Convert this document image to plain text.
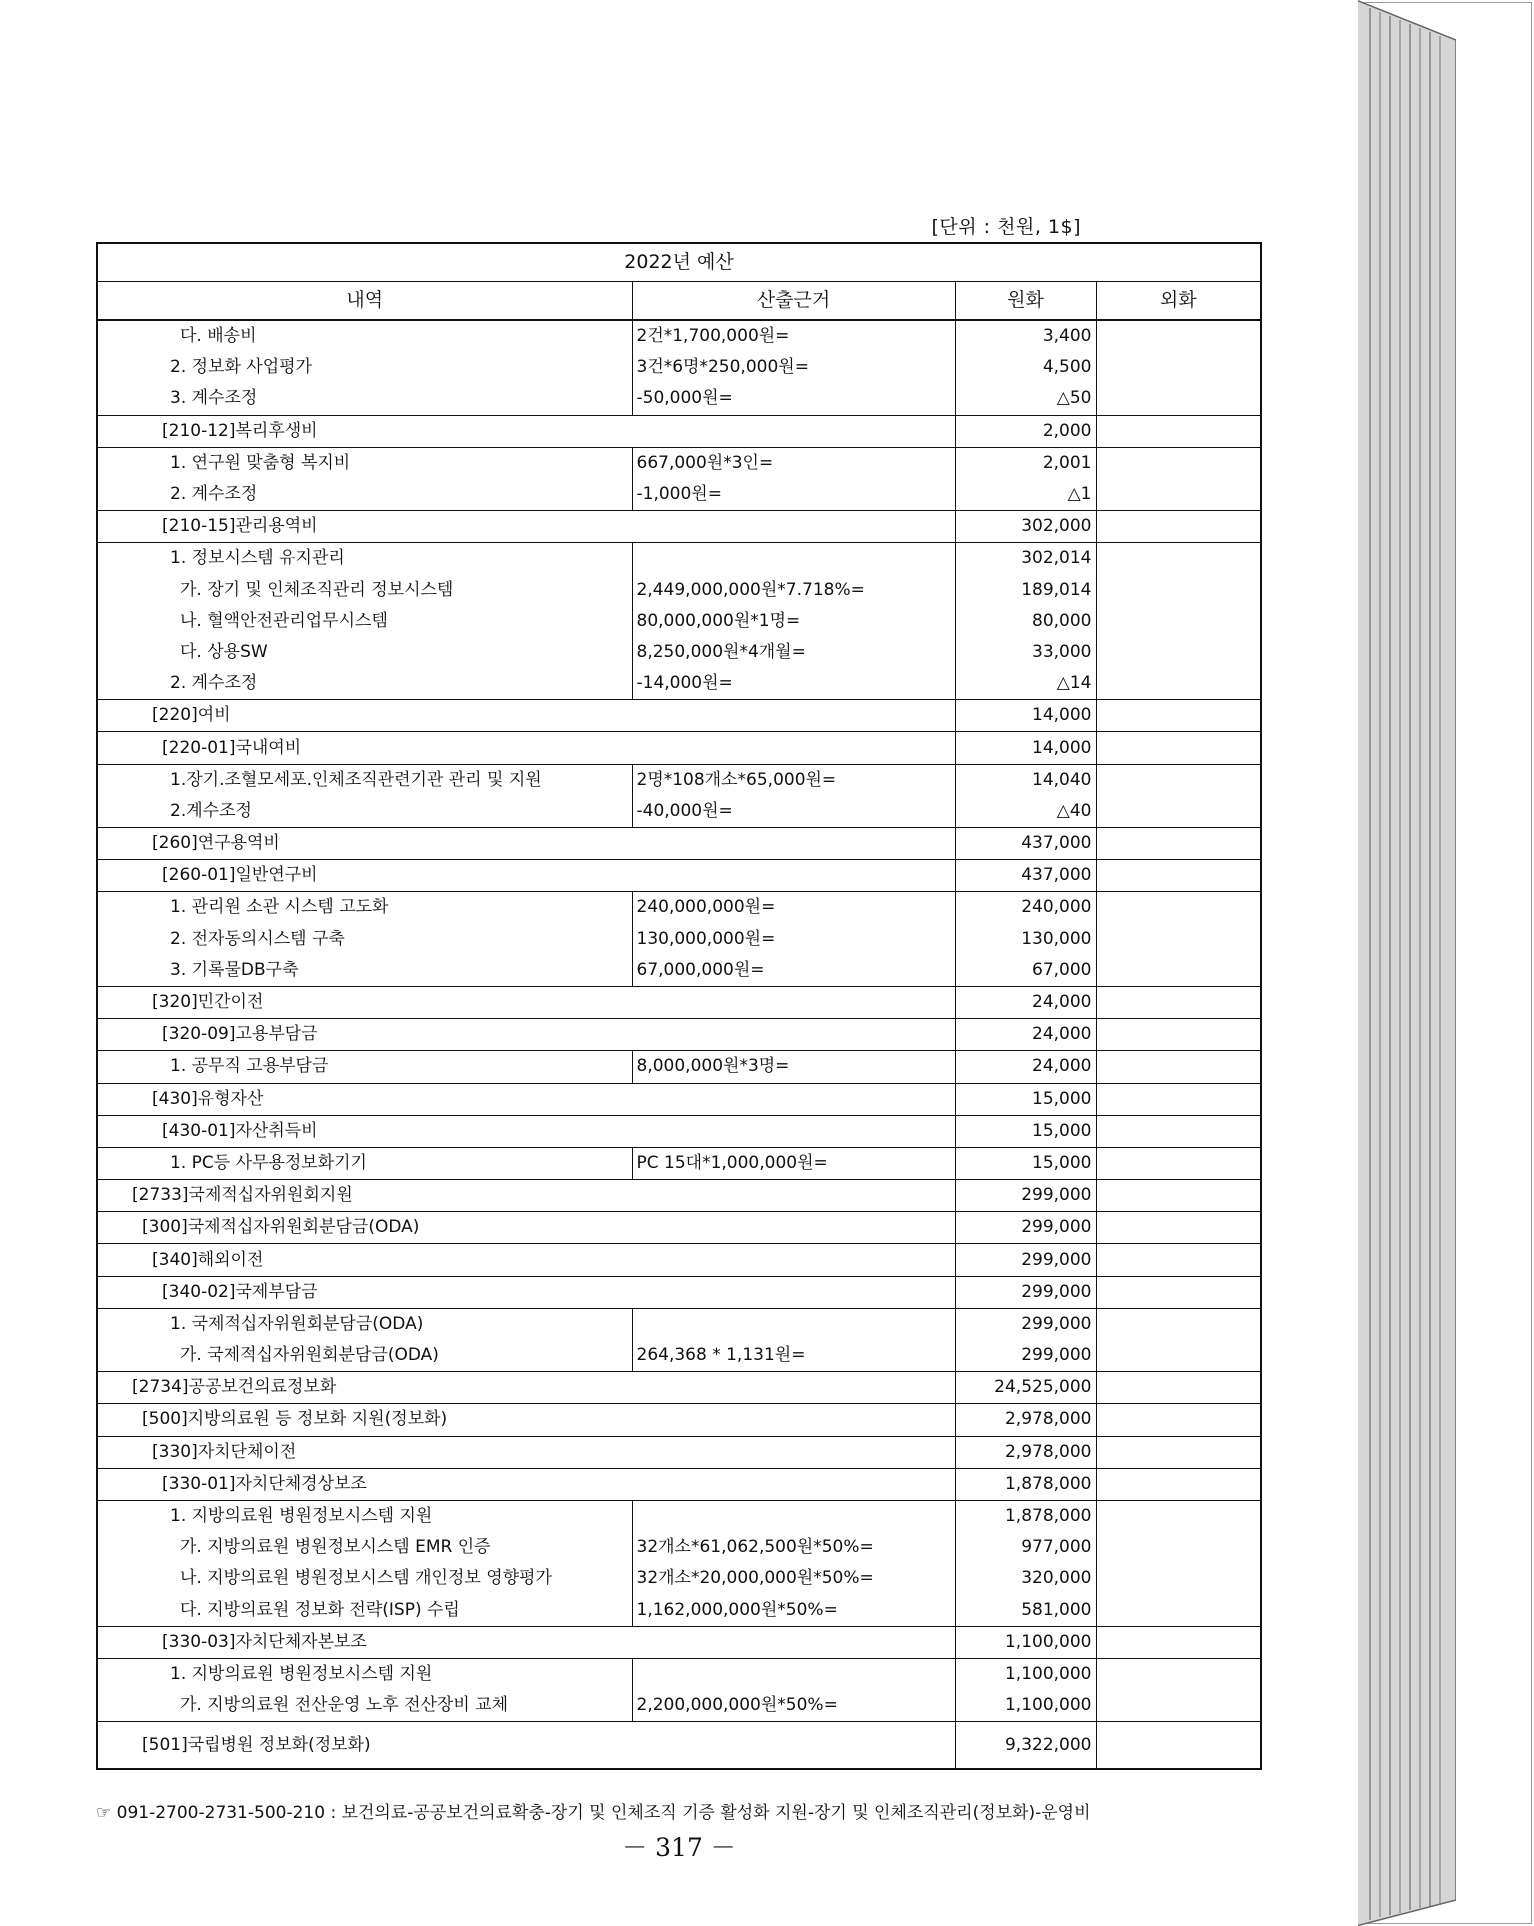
[단위 : 천원, 1$]
2022년 예산			
내역	산출근거	원화	외화
다. 배송비	2건*1,700,000원=	3,400	
2. 정보화 사업평가	3건*6명*250,000원=	4,500	
3. 계수조정	-50,000원=	△50	
[210-12]복리후생비		2,000	
1. 연구원 맞춤형 복지비	667,000원*3인=	2,001	
2. 계수조정	-1,000원=	△1	
[210-15]관리용역비		302,000	
1. 정보시스템 유지관리		302,014	
가. 장기 및 인체조직관리 정보시스템	2,449,000,000원*7.718%=	189,014	
나. 혈액안전관리업무시스템	80,000,000원*1명=	80,000	
다. 상용SW	8,250,000원*4개월=	33,000	
2. 계수조정	-14,000원=	△14	
[220]여비		14,000	
[220-01]국내여비		14,000	
1.장기.조혈모세포.인체조직관련기관 관리 및 지원	2명*108개소*65,000원=	14,040	
2.계수조정	-40,000원=	△40	
[260]연구용역비		437,000	
[260-01]일반연구비		437,000	
1. 관리원 소관 시스템 고도화	240,000,000원=	240,000	
2. 전자동의시스템 구축	130,000,000원=	130,000	
3. 기록물DB구축	67,000,000원=	67,000	
[320]민간이전		24,000	
[320-09]고용부담금		24,000	
1. 공무직 고용부담금	8,000,000원*3명=	24,000	
[430]유형자산		15,000	
[430-01]자산취득비		15,000	
1. PC등 사무용정보화기기	PC 15대*1,000,000원=	15,000	
[2733]국제적십자위원회지원		299,000	
[300]국제적십자위원회분담금(ODA)		299,000	
[340]해외이전		299,000	
[340-02]국제부담금		299,000	
1. 국제적십자위원회분담금(ODA)		299,000	
가. 국제적십자위원회분담금(ODA)	264,368 * 1,131원=	299,000	
[2734]공공보건의료정보화		24,525,000	
[500]지방의료원 등 정보화 지원(정보화)		2,978,000	
[330]자치단체이전		2,978,000	
[330-01]자치단체경상보조		1,878,000	
1. 지방의료원 병원정보시스템 지원		1,878,000	
가. 지방의료원 병원정보시스템 EMR 인증	32개소*61,062,500원*50%=	977,000	
나. 지방의료원 병원정보시스템 개인정보 영향평가	32개소*20,000,000원*50%=	320,000	
다. 지방의료원 정보화 전략(ISP) 수립	1,162,000,000원*50%=	581,000	
[330-03]자치단체자본보조		1,100,000	
1. 지방의료원 병원정보시스템 지원		1,100,000	
가. 지방의료원 전산운영 노후 전산장비 교체	2,200,000,000원*50%=	1,100,000	
[501]국립병원 정보화(정보화)		9,322,000	
☞ 091-2700-2731-500-210 : 보건의료-공공보건의료확충-장기 및 인체조직 기증 활성화 지원-장기 및 인체조직관리(정보화)-운영비
－ 317 －
